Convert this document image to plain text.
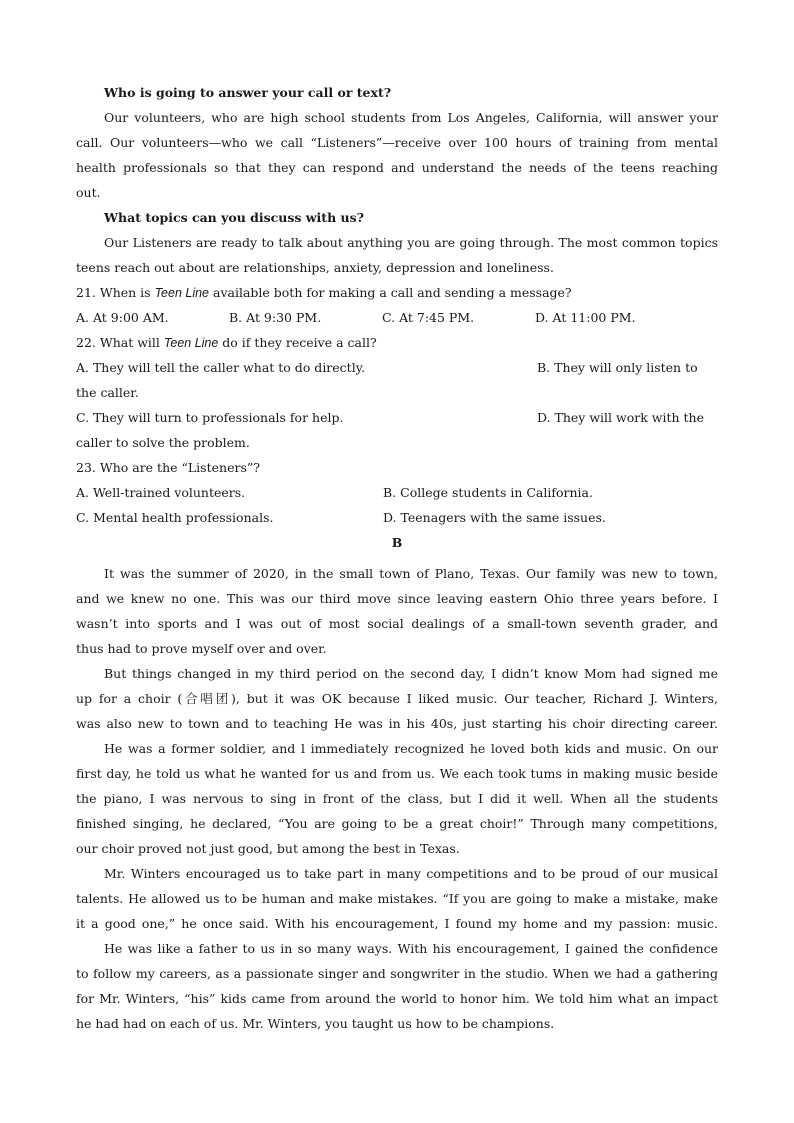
Who is going to answer your call or text?
Our volunteers, who are high school students from Los Angeles, California, will answer your
call. Our volunteers—who we call “Listeners”—receive over 100 hours of training from mental
health professionals so that they can respond and understand the needs of the teens reaching
out.
What topics can you discuss with us?
Our Listeners are ready to talk about anything you are going through. The most common topics
teens reach out about are relationships, anxiety, depression and loneliness.
21. When is Teen Line available both for making a call and sending a message?
A. At 9:00 AM.	B. At 9:30 PM.	C. At 7:45 PM.	D. At 11:00 PM.
22. What will Teen Line do if they receive a call?
A. They will tell the caller what to do directly.	B. They will only listen to
the caller.
C. They will turn to professionals for help.	D. They will work with the
caller to solve the problem.
23. Who are the “Listeners”?
A. Well-trained volunteers.	B. College students in California.
C. Mental health professionals.	D. Teenagers with the same issues.
B
It was the summer of 2020, in the small town of Plano, Texas. Our family was new to town,
and we knew no one. This was our third move since leaving eastern Ohio three years before. I
wasn’t into sports and I was out of most social dealings of a small-town seventh grader, and
thus had to prove myself over and over.
But things changed in my third period on the second day, I didn’t know Mom had signed me
up for a choir (合唱团), but it was OK because I liked music. Our teacher, Richard J. Winters,
was also new to town and to teaching He was in his 40s, just starting his choir directing career.
He was a former soldier, and l immediately recognized he loved both kids and music. On our
first day, he told us what he wanted for us and from us. We each took tums in making music beside
the piano, I was nervous to sing in front of the class, but I did it well. When all the students
finished singing, he declared, “You are going to be a great choir!” Through many competitions,
our choir proved not just good, but among the best in Texas.
Mr. Winters encouraged us to take part in many competitions and to be proud of our musical
talents. He allowed us to be human and make mistakes. “If you are going to make a mistake, make
it a good one,” he once said. With his encouragement, I found my home and my passion: music.
He was like a father to us in so many ways. With his encouragement, I gained the confidence
to follow my careers, as a passionate singer and songwriter in the studio. When we had a gathering
for Mr. Winters, “his” kids came from around the world to honor him. We told him what an impact
he had had on each of us. Mr. Winters, you taught us how to be champions.
